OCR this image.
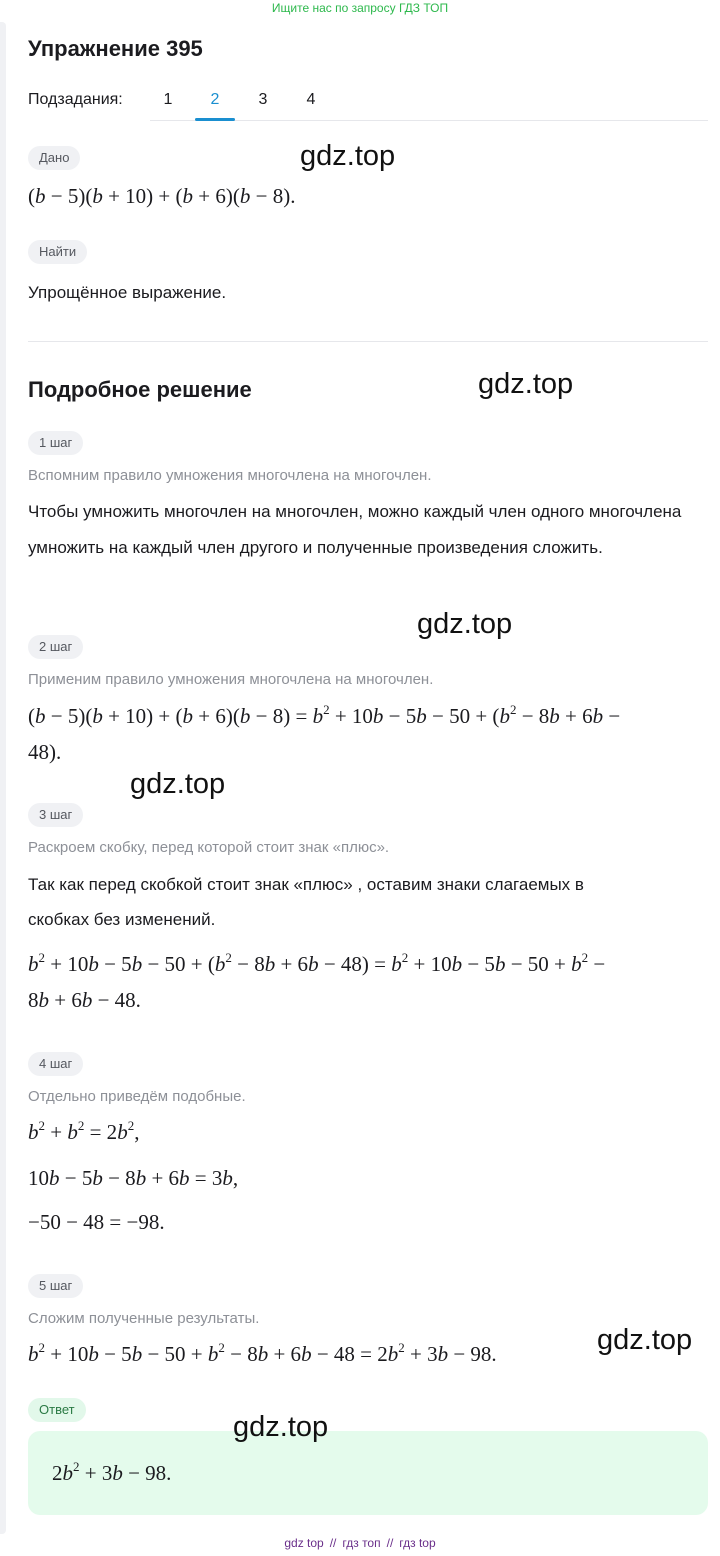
Ищите нас по запросу ГДЗ ТОП
Упражнение 395
Подзадания:	1	2	3	4
Дано
(b − 5)(b + 10) + (b + 6)(b − 8).
Найти
Упрощённое выражение.
Подробное решение
1 шаг
Вспомним правило умножения многочлена на многочлен.
Чтобы умножить многочлен на многочлен, можно каждый член одного многочлена умножить на каждый член другого и полученные произведения сложить.
2 шаг
Применим правило умножения многочлена на многочлен.
$(b - 5)(b + 10) + (b + 6)(b - 8) = b^2 + 10b - 5b - 50 + (b^2 - 8b + 6b$ −
48).
3 шаг
Раскроем скобку, перед которой стоит знак «плюс».
Так как перед скобкой стоит знак «плюс» , оставим знаки слагаемых в
скобках без изменений.
$b^2 + 10b - 5b - 50 + (b^2 - 8b + 6b - 48) = b^2 + 10b - 5b - 50 + b^2$ −
8b + 6b − 48.
4 шаг
Отдельно приведём подобные.
$b^2 + b^2 = 2b^2$,
10b − 5b − 8b + 6b = 3b,
−50 − 48 = −98.
5 шаг
Сложим полученные результаты.
$b^2 + 10b - 5b - 50 + b^2 - 8b + 6b - 48 = 2b^2 + 3b - 98$.
Ответ
$2b^2 + 3b - 98$.
gdz.top
gdz.top
gdz.top
gdz.top
gdz.top
gdz.top
gdz top // гдз топ // гдз top
